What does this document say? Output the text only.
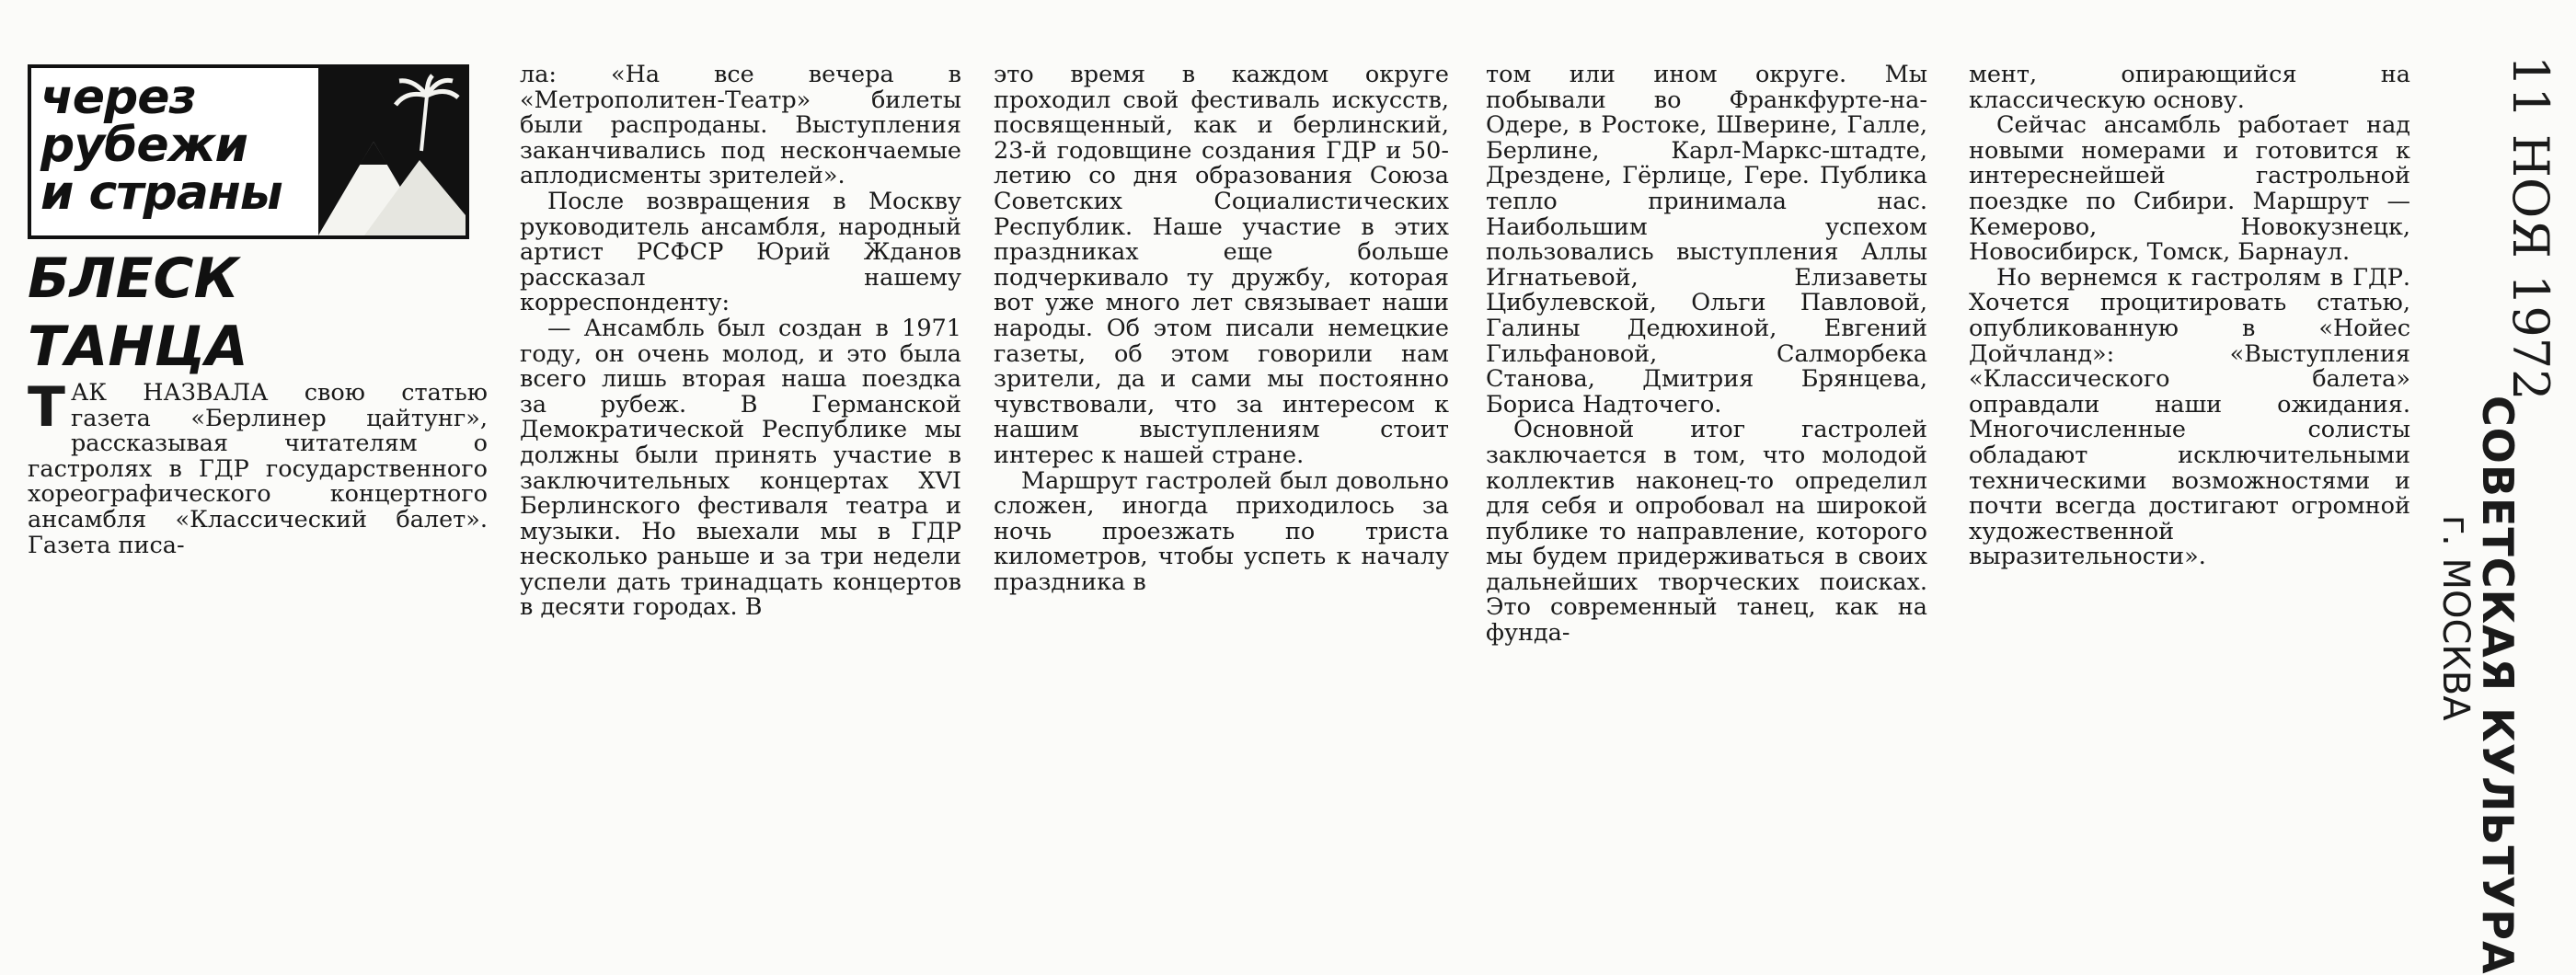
через
рубежи
и страны
БЛЕСК
ТАНЦА

ТАК НАЗВАЛА свою статью газета «Берлинер цайтунг», рассказывая читателям о гастролях в ГДР государственного хореографического концертного ансамбля «Классический балет». Газета писа-

ла: «На все вечера в «Метрополитен-Театр» билеты были распроданы. Выступления заканчивались под нескончаемые аплодисменты зрителей».

После возвращения в Москву руководитель ансамбля, народный артист РСФСР Юрий Жданов рассказал нашему корреспонденту:

— Ансамбль был создан в 1971 году, он очень молод, и это была всего лишь вторая наша поездка за рубеж. В Германской Демократической Республике мы должны были принять участие в заключительных концертах XVI Берлинского фестиваля театра и музыки. Но выехали мы в ГДР несколько раньше и за три недели успели дать тринадцать концертов в десяти городах. В

это время в каждом округе проходил свой фестиваль искусств, посвященный, как и берлинский, 23-й годовщине создания ГДР и 50-летию со дня образования Союза Советских Социалистических Республик. Наше участие в этих праздниках еще больше подчеркивало ту дружбу, которая вот уже много лет связывает наши народы. Об этом писали немецкие газеты, об этом говорили нам зрители, да и сами мы постоянно чувствовали, что за интересом к нашим выступлениям стоит интерес к нашей стране.

Маршрут гастролей был довольно сложен, иногда приходилось за ночь проезжать по триста километров, чтобы успеть к началу праздника в

том или ином округе. Мы побывали во Франкфурте-на-Одере, в Ростоке, Шверине, Галле, Берлине, Карл-Маркс-штадте, Дрездене, Гёрлице, Гере. Публика тепло принимала нас. Наибольшим успехом пользовались выступления Аллы Игнатьевой, Елизаветы Цибулевской, Ольги Павловой, Галины Дедюхиной, Евгений Гильфановой, Салморбека Станова, Дмитрия Брянцева, Бориса Надточего.

Основной итог гастролей заключается в том, что молодой коллектив наконец-то определил для себя и опробовал на широкой публике то направление, которого мы будем придерживаться в своих дальнейших творческих поисках. Это современный танец, как на фунда-

мент, опирающийся на классическую основу.

Сейчас ансамбль работает над новыми номерами и готовится к интереснейшей гастрольной поездке по Сибири. Маршрут — Кемерово, Новокузнецк, Новосибирск, Томск, Барнаул.

Но вернемся к гастролям в ГДР. Хочется процитировать статью, опубликованную в «Нойес Дойчланд»: «Выступления «Классического балета» оправдали наши ожидания. Многочисленные солисты обладают исключительными техническими возможностями и почти всегда достигают огромной художественной выразительности».

11 НОЯ 1972
СОВЕТСКАЯ КУЛЬТУРА
г. МОСКВА
